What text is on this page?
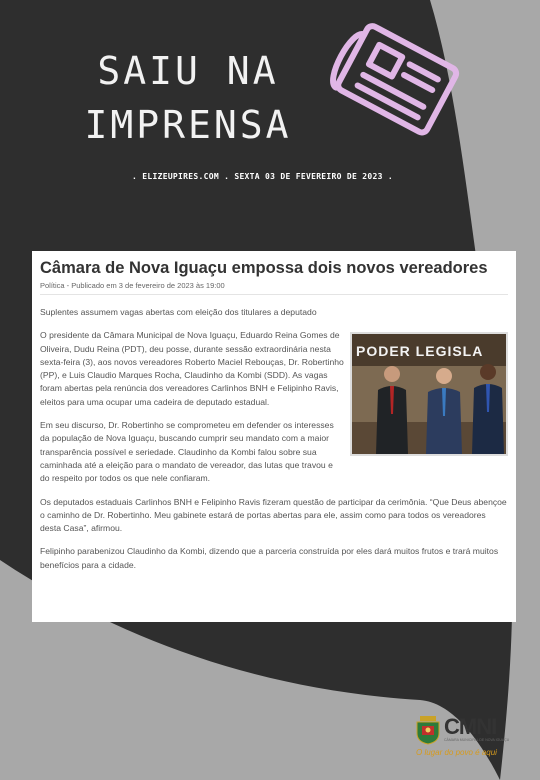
SAIU NA
IMPRENSA
. ELIZEUPIRES.COM . SEXTA 03 DE FEVEREIRO DE 2023 .
Câmara de Nova Iguaçu empossa dois novos vereadores
Política - Publicado em 3 de fevereiro de 2023 às 19:00

Suplentes assumem vagas abertas com eleição dos titulares a deputado

PODER LEGISLA

O presidente da Câmara Municipal de Nova Iguaçu, Eduardo Reina Gomes de Oliveira, Dudu Reina (PDT), deu posse, durante sessão extraordinária nesta sexta-feira (3), aos novos vereadores Roberto Maciel Rebouças, Dr. Robertinho (PP), e Luis Claudio Marques Rocha, Claudinho da Kombi (SDD). As vagas foram abertas pela renúncia dos vereadores Carlinhos BNH e Felipinho Ravis, eleitos para uma ocupar uma cadeira de deputado estadual.

Em seu discurso, Dr. Robertinho se comprometeu em defender os interesses da população de Nova Iguaçu, buscando cumprir seu mandato com a maior transparência possível e seriedade. Claudinho da Kombi falou sobre sua caminhada até a eleição para o mandato de vereador, das lutas que travou e do respeito por todos os que nele confiaram.

Os deputados estaduais Carlinhos BNH e Felipinho Ravis fizeram questão de participar da cerimônia. “Que Deus abençoe o caminho de Dr. Robertinho. Meu gabinete estará de portas abertas para ele, assim como para todos os vereadores desta Casa”, afirmou.

Felipinho parabenizou Claudinho da Kombi, dizendo que a parceria construída por eles dará muitos frutos e trará muitos benefícios para a cidade.

CMNI
CÂMARA MUNICIPAL DE NOVA IGUAÇU
O lugar do povo é aqui
